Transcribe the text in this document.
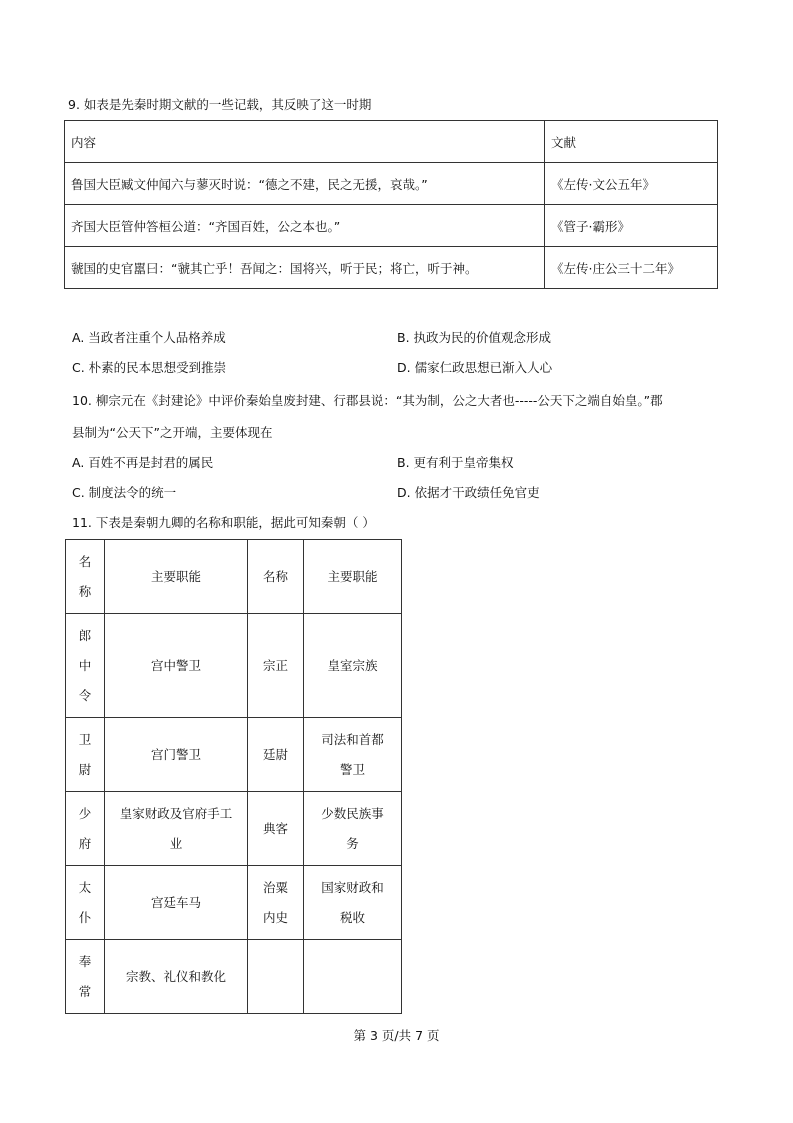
9. 如表是先秦时期文献的一些记载，其反映了这一时期
内容	文献
鲁国大臣臧文仲闻六与蓼灭时说：“德之不建，民之无援，哀哉。”	《左传·文公五年》
齐国大臣管仲答桓公道：“齐国百姓，公之本也。”	《管子·霸形》
虢国的史官嚚曰：“虢其亡乎！吾闻之：国将兴，听于民；将亡，听于神。	《左传·庄公三十二年》
A. 当政者注重个人品格养成	B. 执政为民的价值观念形成
C. 朴素的民本思想受到推崇	D. 儒家仁政思想已渐入人心
10. 柳宗元在《封建论》中评价秦始皇废封建、行郡县说：“其为制，公之大者也-----公天下之端自始皇。”郡
县制为“公天下”之开端，主要体现在
A. 百姓不再是封君的属民	B. 更有利于皇帝集权
C. 制度法令的统一	D. 依据才干政绩任免官吏
11. 下表是秦朝九卿的名称和职能，据此可知秦朝（ ）
名称	主要职能	名称	主要职能

郎中令	宫中警卫	宗正	皇室宗族

卫尉	宫门警卫	廷尉	司法和首都警卫

少府	皇家财政及官府手工业	典客	少数民族事务

太仆	宫廷车马	治粟内史	国家财政和税收

奉常	宗教、礼仪和教化		
第 3 页/共 7 页
